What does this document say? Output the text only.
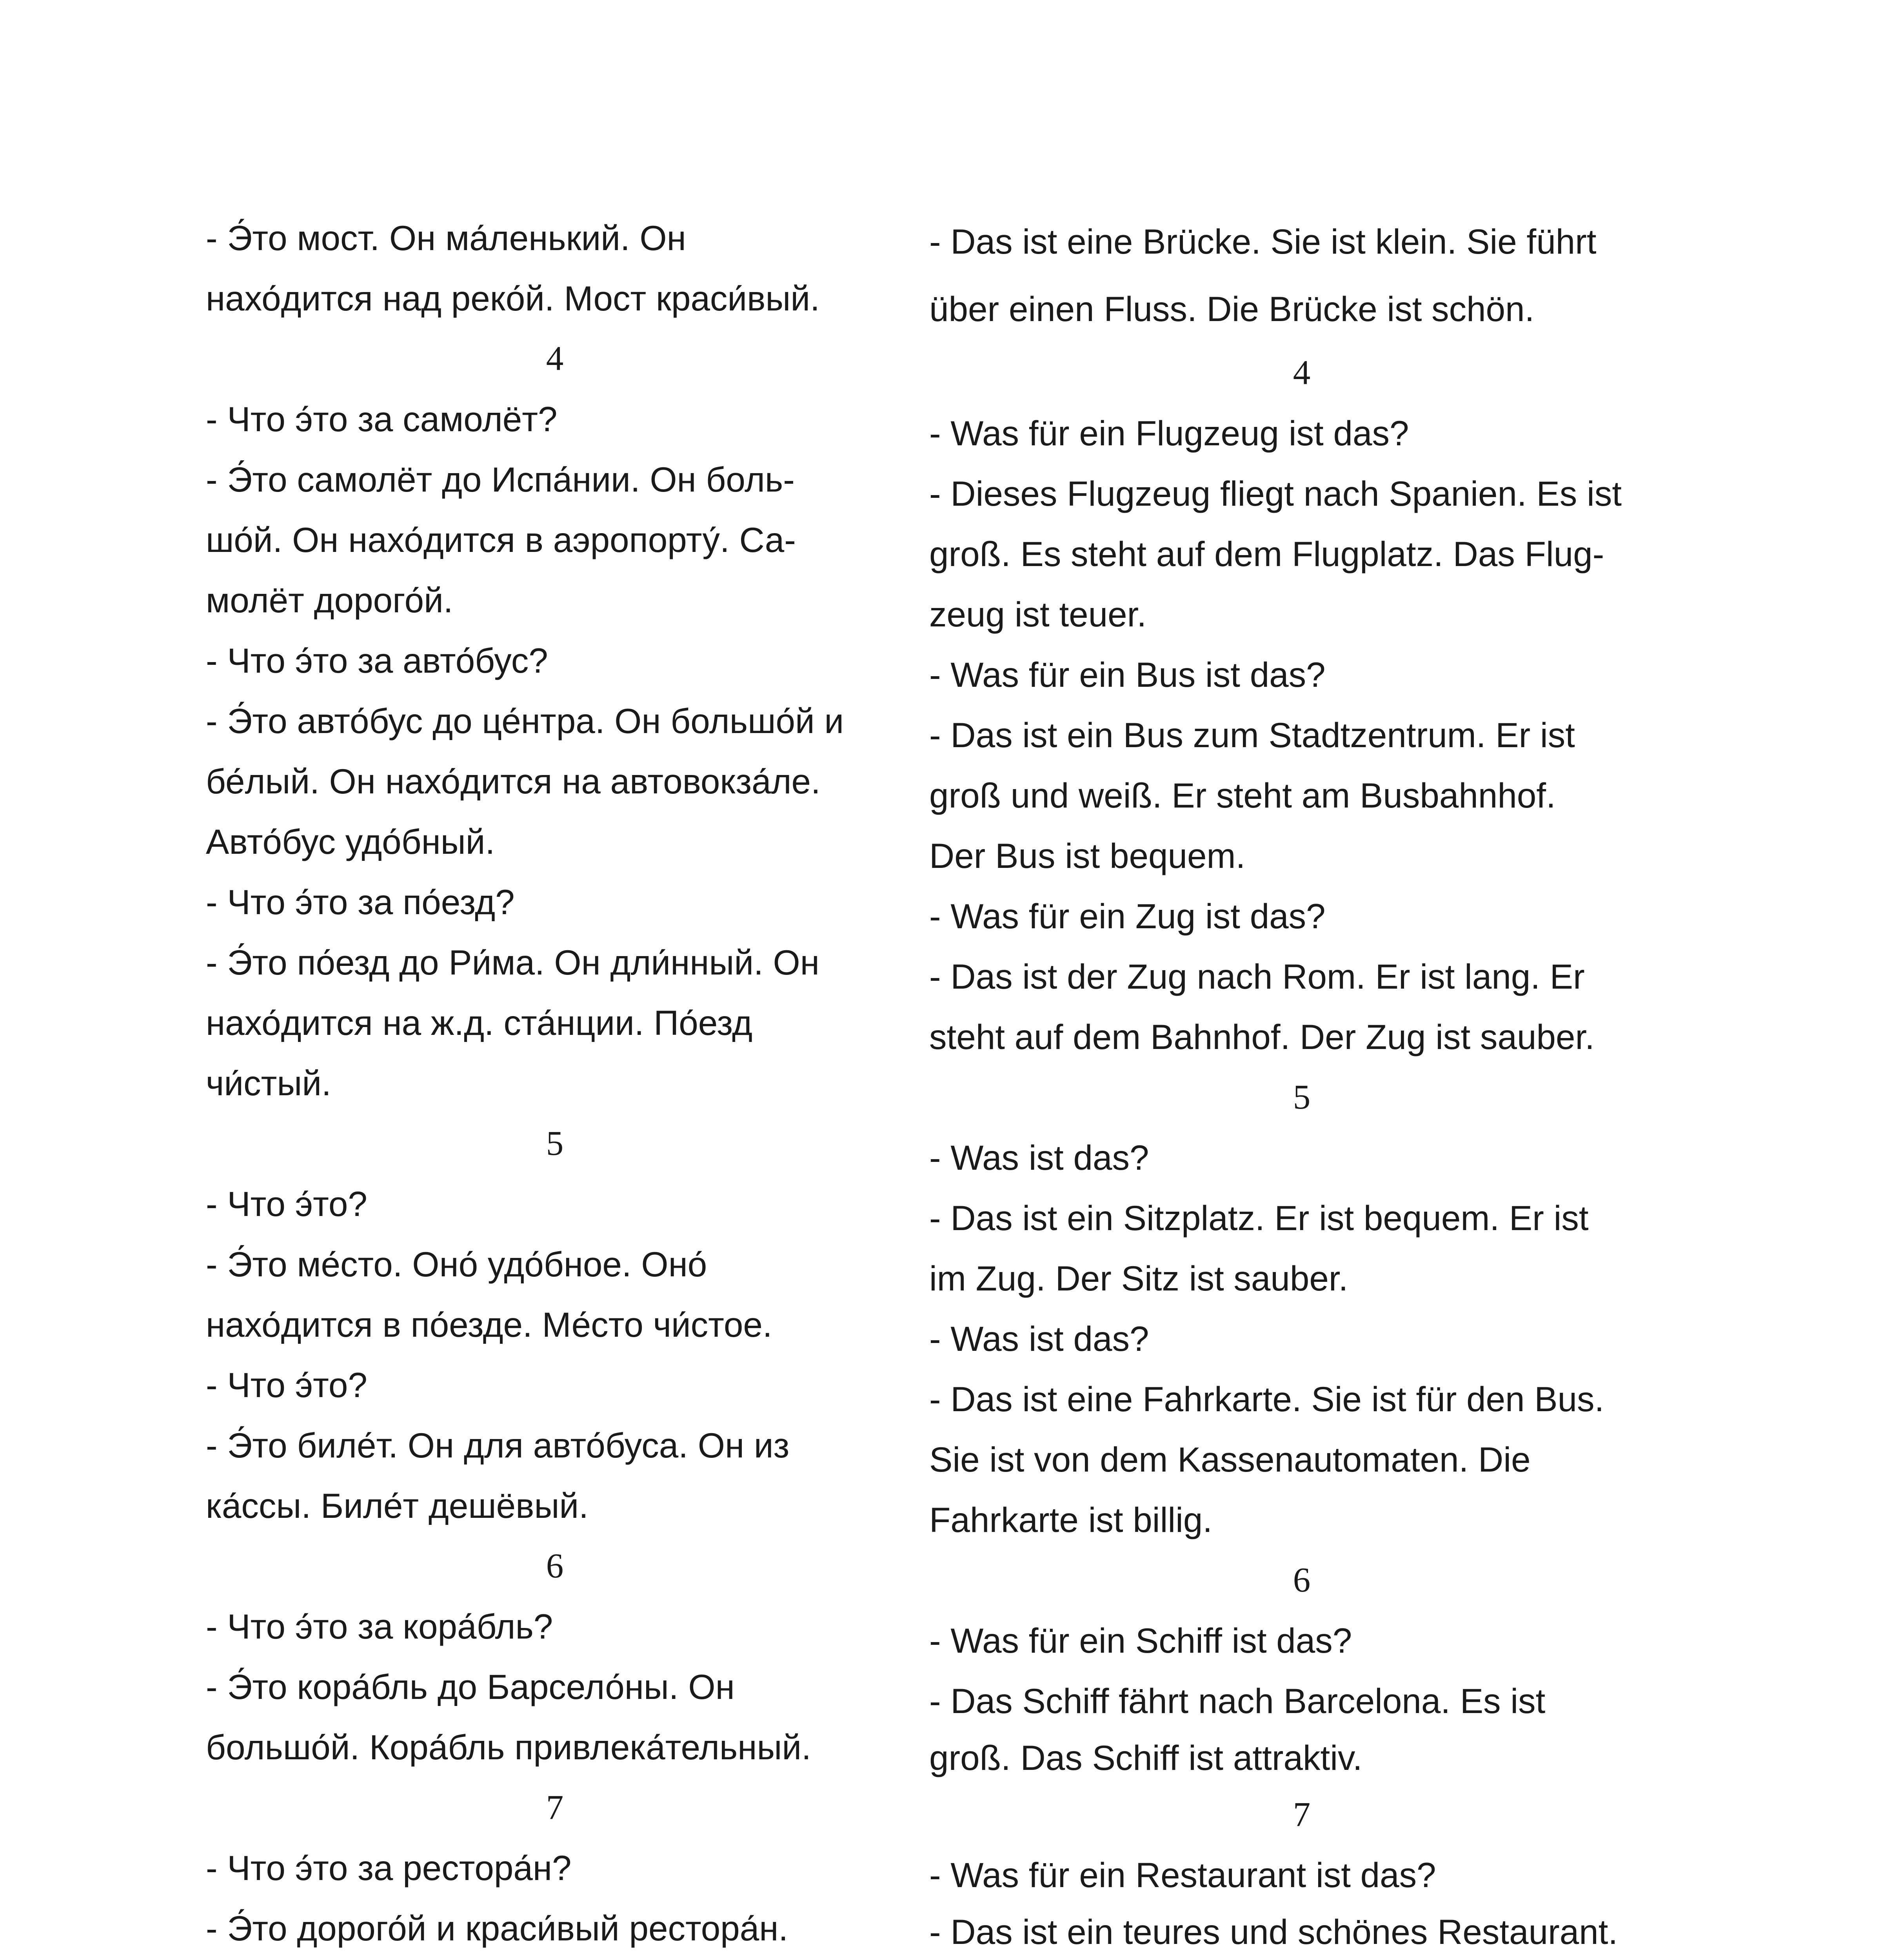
- Э́то мост. Он ма́ленький. Он
нахо́дится над реко́й. Мост краси́вый.
4
- Что э́то за самолёт?
- Э́то самолёт до Испа́нии. Он боль-
шо́й. Он нахо́дится в аэропорту́. Са-
молёт дорого́й.
- Что э́то за авто́бус?
- Э́то авто́бус до це́нтра. Он большо́й и
бе́лый. Он нахо́дится на автовокза́ле.
Авто́бус удо́бный.
- Что э́то за по́езд?
- Э́то по́езд до Ри́ма. Он дли́нный. Он
нахо́дится на ж.д. ста́нции. По́езд
чи́стый.
5
- Что э́то?
- Э́то ме́сто. Оно́ удо́бное. Оно́
нахо́дится в по́езде. Ме́сто чи́стое.
- Что э́то?
- Э́то биле́т. Он для авто́буса. Он из
ка́ссы. Биле́т дешёвый.
6
- Что э́то за кора́бль?
- Э́то кора́бль до Барсело́ны. Он
большо́й. Кора́бль привлека́тельный.
7
- Что э́то за рестора́н?
- Э́то дорого́й и краси́вый рестора́н.
- Das ist eine Brücke. Sie ist klein. Sie führt
über einen Fluss. Die Brücke ist schön.
4
- Was für ein Flugzeug ist das?
- Dieses Flugzeug fliegt nach Spanien. Es ist
groß. Es steht auf dem Flugplatz. Das Flug-
zeug ist teuer.
- Was für ein Bus ist das?
- Das ist ein Bus zum Stadtzentrum. Er ist
groß und weiß. Er steht am Busbahnhof.
Der Bus ist bequem.
- Was für ein Zug ist das?
- Das ist der Zug nach Rom. Er ist lang. Er
steht auf dem Bahnhof. Der Zug ist sauber.
5
- Was ist das?
- Das ist ein Sitzplatz. Er ist bequem. Er ist
im Zug. Der Sitz ist sauber.
- Was ist das?
- Das ist eine Fahrkarte. Sie ist für den Bus.
Sie ist von dem Kassenautomaten. Die
Fahrkarte ist billig.
6
- Was für ein Schiff ist das?
- Das Schiff fährt nach Barcelona. Es ist
groß. Das Schiff ist attraktiv.
7
- Was für ein Restaurant ist das?
- Das ist ein teures und schönes Restaurant.
